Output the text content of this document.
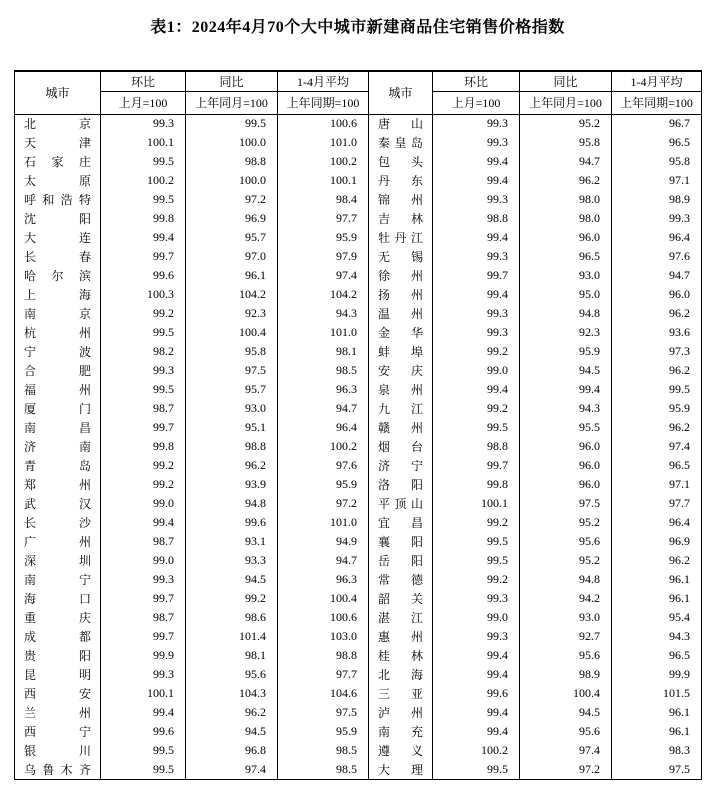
表1：2024年4月70个大中城市新建商品住宅销售价格指数
城市	环比	同比	1-4月平均	城市	环比	同比	1-4月平均
	上月=100	上年同月=100	上年同期=100		上月=100	上年同月=100	上年同期=100
北京	99.3	99.5	100.6	唐山	99.3	95.2	96.7
天津	100.1	100.0	101.0	秦皇岛	99.3	95.8	96.5
石家庄	99.5	98.8	100.2	包头	99.4	94.7	95.8
太原	100.2	100.0	100.1	丹东	99.4	96.2	97.1
呼和浩特	99.5	97.2	98.4	锦州	99.3	98.0	98.9
沈阳	99.8	96.9	97.7	吉林	98.8	98.0	99.3
大连	99.4	95.7	95.9	牡丹江	99.4	96.0	96.4
长春	99.7	97.0	97.9	无锡	99.3	96.5	97.6
哈尔滨	99.6	96.1	97.4	徐州	99.7	93.0	94.7
上海	100.3	104.2	104.2	扬州	99.4	95.0	96.0
南京	99.2	92.3	94.3	温州	99.3	94.8	96.2
杭州	99.5	100.4	101.0	金华	99.3	92.3	93.6
宁波	98.2	95.8	98.1	蚌埠	99.2	95.9	97.3
合肥	99.3	97.5	98.5	安庆	99.0	94.5	96.2
福州	99.5	95.7	96.3	泉州	99.4	99.4	99.5
厦门	98.7	93.0	94.7	九江	99.2	94.3	95.9
南昌	99.7	95.1	96.4	赣州	99.5	95.5	96.2
济南	99.8	98.8	100.2	烟台	98.8	96.0	97.4
青岛	99.2	96.2	97.6	济宁	99.7	96.0	96.5
郑州	99.2	93.9	95.9	洛阳	99.8	96.0	97.1
武汉	99.0	94.8	97.2	平顶山	100.1	97.5	97.7
长沙	99.4	99.6	101.0	宜昌	99.2	95.2	96.4
广州	98.7	93.1	94.9	襄阳	99.5	95.6	96.9
深圳	99.0	93.3	94.7	岳阳	99.5	95.2	96.2
南宁	99.3	94.5	96.3	常德	99.2	94.8	96.1
海口	99.7	99.2	100.4	韶关	99.3	94.2	96.1
重庆	98.7	98.6	100.6	湛江	99.0	93.0	95.4
成都	99.7	101.4	103.0	惠州	99.3	92.7	94.3
贵阳	99.9	98.1	98.8	桂林	99.4	95.6	96.5
昆明	99.3	95.6	97.7	北海	99.4	98.9	99.9
西安	100.1	104.3	104.6	三亚	99.6	100.4	101.5
兰州	99.4	96.2	97.5	泸州	99.4	94.5	96.1
西宁	99.6	94.5	95.9	南充	99.4	95.6	96.1
银川	99.5	96.8	98.5	遵义	100.2	97.4	98.3
乌鲁木齐	99.5	97.4	98.5	大理	99.5	97.2	97.5
